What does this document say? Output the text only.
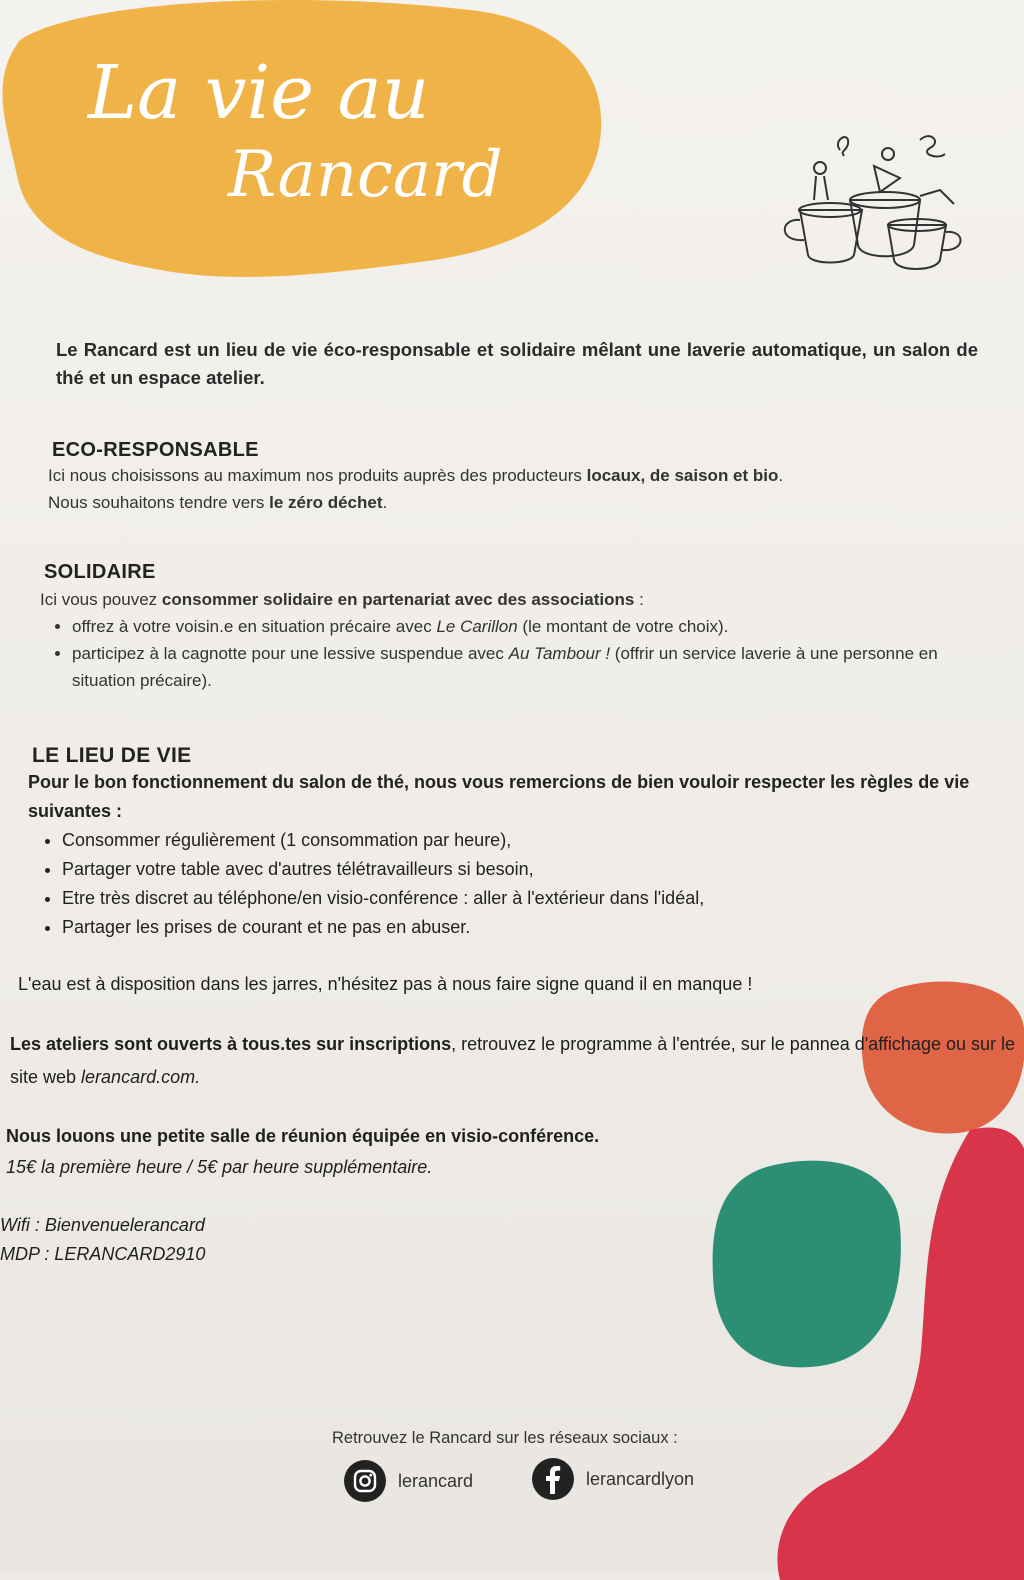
La vie au
Rancard
Le Rancard est un lieu de vie éco-responsable et solidaire mêlant une laverie automatique, un salon de thé et un espace atelier.
ECO-RESPONSABLE
Ici nous choisissons au maximum nos produits auprès des producteurs locaux, de saison et bio.
Nous souhaitons tendre vers le zéro déchet.
SOLIDAIRE
Ici vous pouvez consommer solidaire en partenariat avec des associations :
• offrez à votre voisin.e en situation précaire avec Le Carillon (le montant de votre choix).
• participez à la cagnotte pour une lessive suspendue avec Au Tambour ! (offrir un service laverie à une personne en situation précaire).
LE LIEU DE VIE
Pour le bon fonctionnement du salon de thé, nous vous remercions de bien vouloir respecter les règles de vie suivantes :
• Consommer régulièrement (1 consommation par heure),
• Partager votre table avec d'autres télétravailleurs si besoin,
• Etre très discret au téléphone/en visio-conférence : aller à l'extérieur dans l'idéal,
• Partager les prises de courant et ne pas en abuser.
L'eau est à disposition dans les jarres, n'hésitez pas à nous faire signe quand il en manque !
Les ateliers sont ouverts à tous.tes sur inscriptions, retrouvez le programme à l'entrée, sur le pannea d'affichage ou sur le site web lerancard.com.
Nous louons une petite salle de réunion équipée en visio-conférence.
15€ la première heure / 5€ par heure supplémentaire.
Wifi : Bienvenuelerancard
MDP : LERANCARD2910
Retrouvez le Rancard sur les réseaux sociaux :
lerancard	lerancardlyon
